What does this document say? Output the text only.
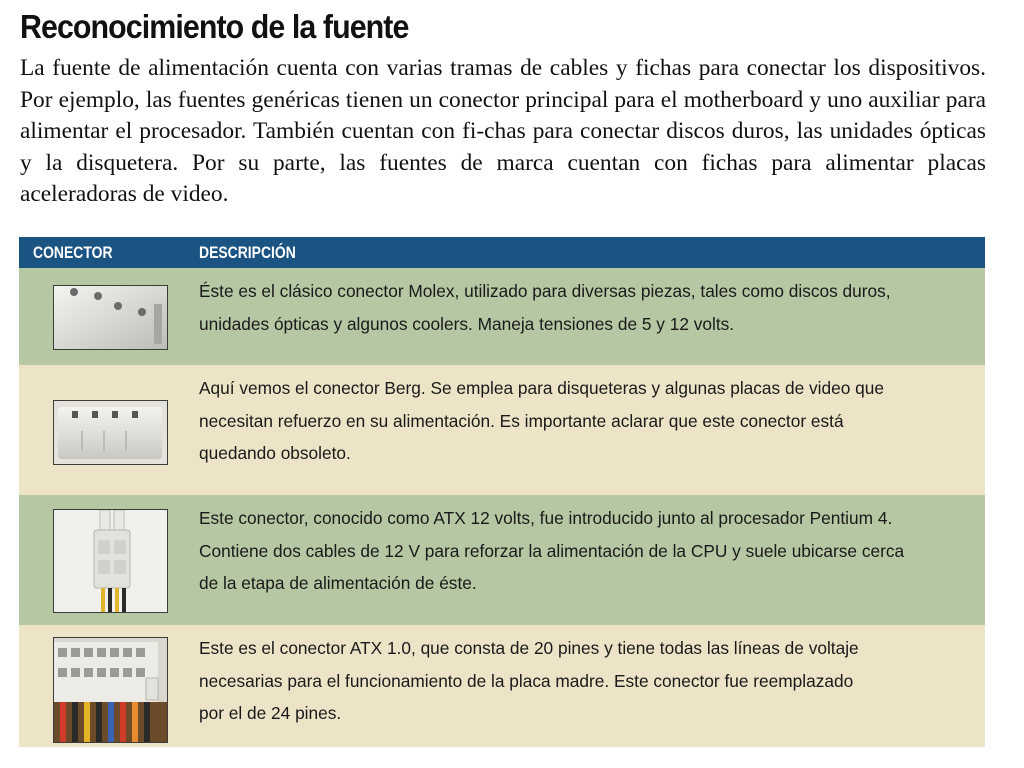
Reconocimiento de la fuente

La fuente de alimentación cuenta con varias tramas de cables y fichas para conectar los dispositivos. Por ejemplo, las fuentes genéricas tienen un conector principal para el motherboard y uno auxiliar para alimentar el procesador. También cuentan con fi-chas para conectar discos duros, las unidades ópticas y la disquetera. Por su parte, las fuentes de marca cuentan con fichas para alimentar placas aceleradoras de video.

CONECTOR	DESCRIPCIÓN

Éste es el clásico conector Molex, utilizado para diversas piezas, tales como discos duros,
unidades ópticas y algunos coolers. Maneja tensiones de 5 y 12 volts.

Aquí vemos el conector Berg. Se emplea para disqueteras y algunas placas de video que
necesitan refuerzo en su alimentación. Es importante aclarar que este conector está
quedando obsoleto.

Este conector, conocido como ATX 12 volts, fue introducido junto al procesador Pentium 4.
Contiene dos cables de 12 V para reforzar la alimentación de la CPU y suele ubicarse cerca
de la etapa de alimentación de éste.

Este es el conector ATX 1.0, que consta de 20 pines y tiene todas las líneas de voltaje
necesarias para el funcionamiento de la placa madre. Este conector fue reemplazado
por el de 24 pines.
